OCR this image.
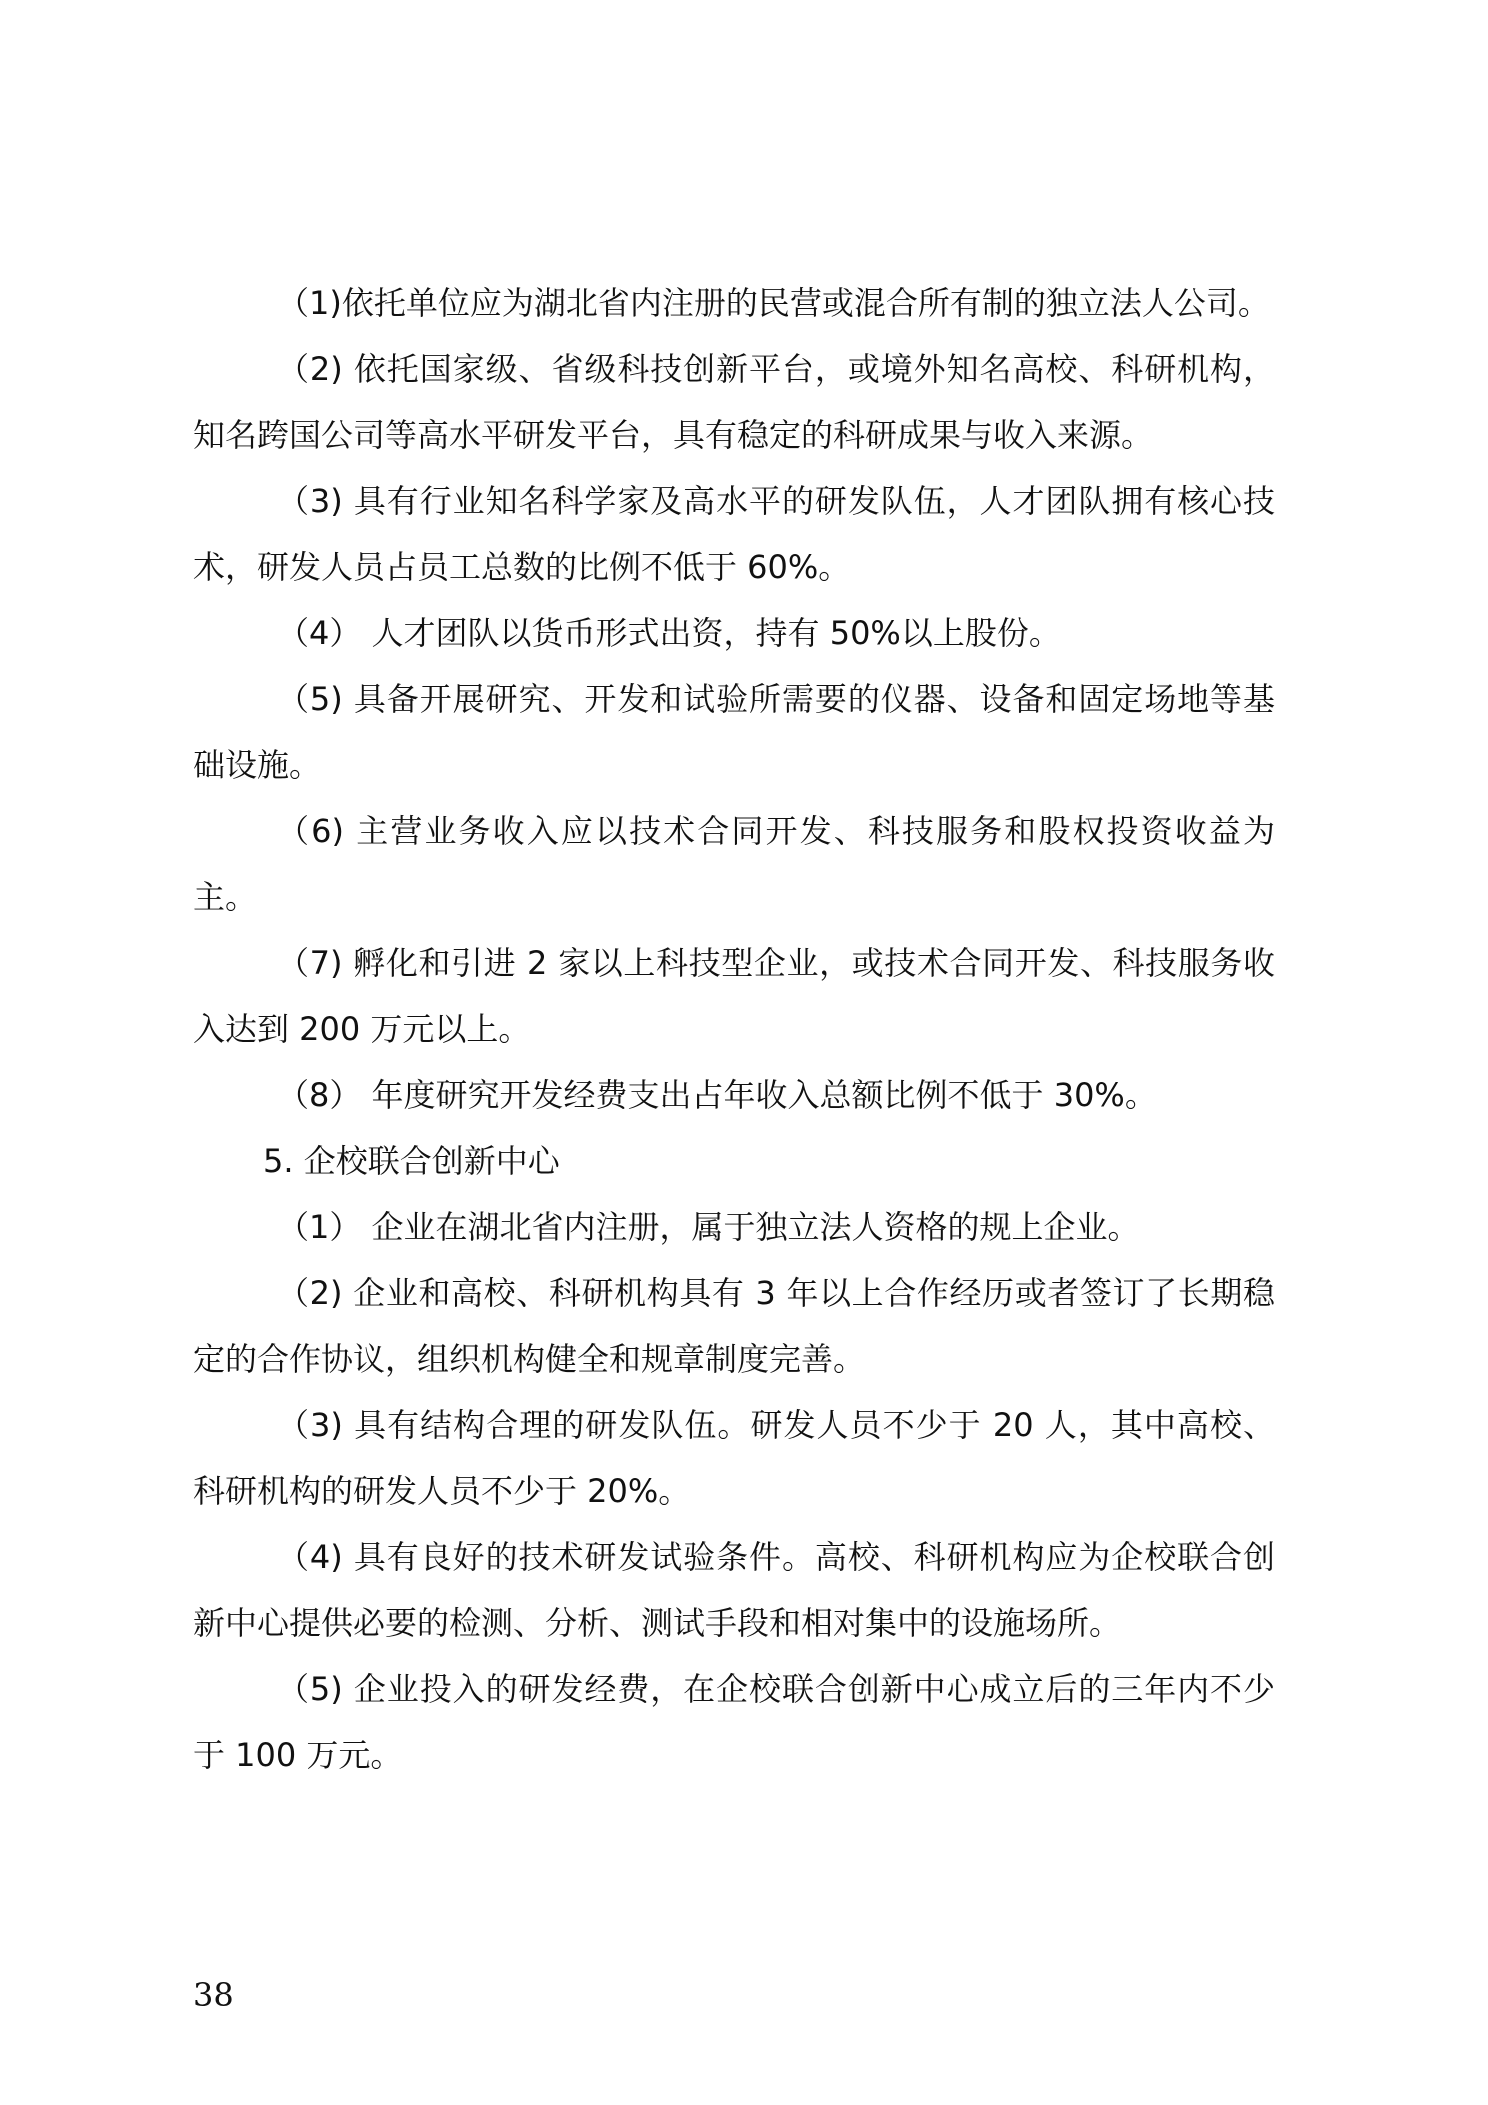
（1)依托单位应为湖北省内注册的民营或混合所有制的独立法人公司。

（2) 依托国家级、省级科技创新平台，或境外知名高校、科研机构，知名跨国公司等高水平研发平台，具有稳定的科研成果与收入来源。

（3) 具有行业知名科学家及高水平的研发队伍，人才团队拥有核心技术，研发人员占员工总数的比例不低于 60%。

（4） 人才团队以货币形式出资，持有 50%以上股份。

（5) 具备开展研究、开发和试验所需要的仪器、设备和固定场地等基础设施。

（6) 主营业务收入应以技术合同开发、科技服务和股权投资收益为主。

（7) 孵化和引进 2 家以上科技型企业，或技术合同开发、科技服务收入达到 200 万元以上。

（8） 年度研究开发经费支出占年收入总额比例不低于 30%。

5. 企校联合创新中心

（1） 企业在湖北省内注册，属于独立法人资格的规上企业。

（2) 企业和高校、科研机构具有 3 年以上合作经历或者签订了长期稳定的合作协议，组织机构健全和规章制度完善。

（3) 具有结构合理的研发队伍。研发人员不少于 20 人，其中高校、科研机构的研发人员不少于 20%。

（4) 具有良好的技术研发试验条件。高校、科研机构应为企校联合创新中心提供必要的检测、分析、测试手段和相对集中的设施场所。

（5) 企业投入的研发经费，在企校联合创新中心成立后的三年内不少于 100 万元。

38
